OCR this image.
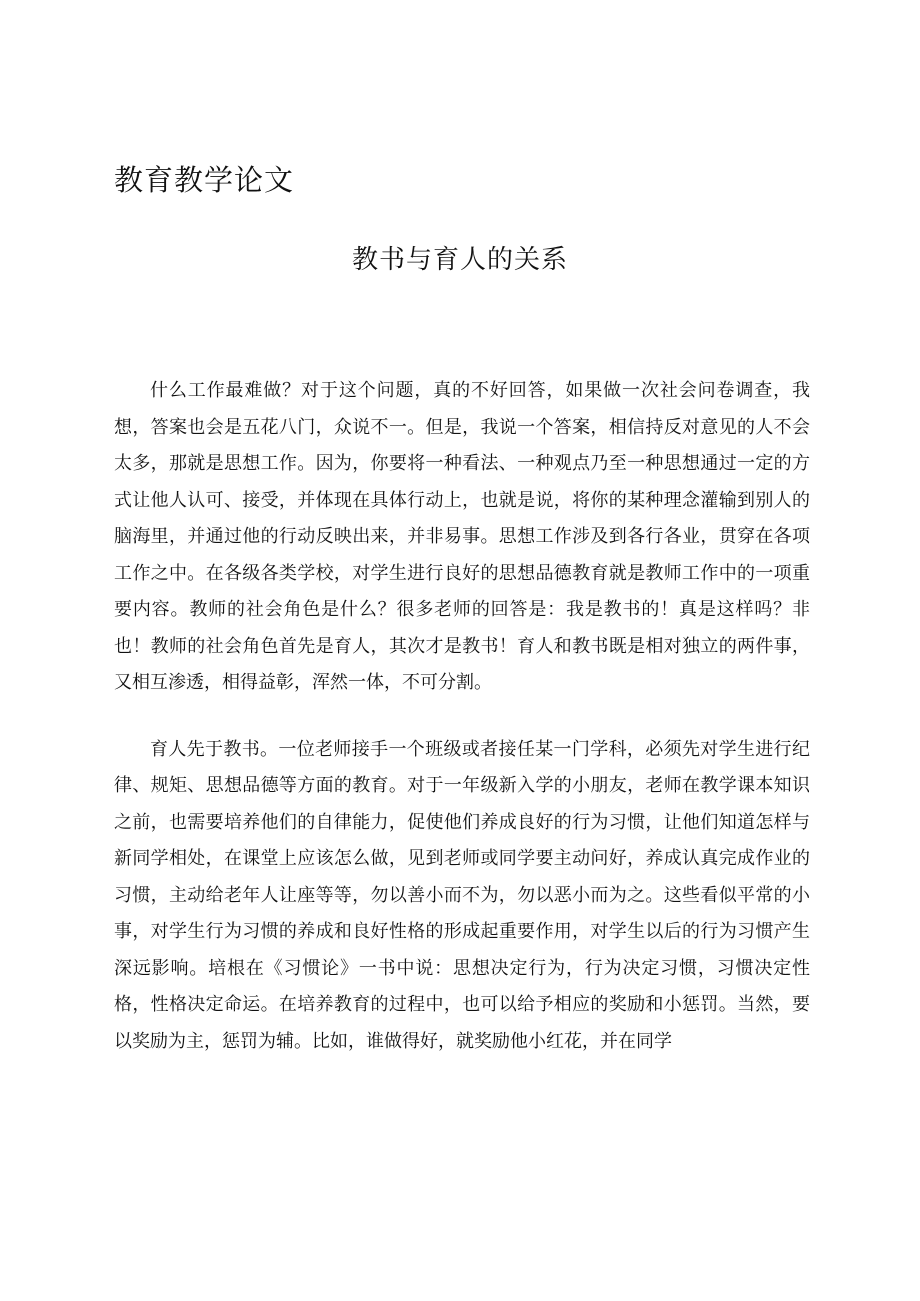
教育教学论文
教书与育人的关系

什么工作最难做？对于这个问题，真的不好回答，如果做一次社会问卷调查，我想，答案也会是五花八门，众说不一。但是，我说一个答案，相信持反对意见的人不会太多，那就是思想工作。因为，你要将一种看法、一种观点乃至一种思想通过一定的方式让他人认可、接受，并体现在具体行动上，也就是说，将你的某种理念灌输到别人的脑海里，并通过他的行动反映出来，并非易事。思想工作涉及到各行各业，贯穿在各项工作之中。在各级各类学校，对学生进行良好的思想品德教育就是教师工作中的一项重要内容。教师的社会角色是什么？很多老师的回答是：我是教书的！真是这样吗？非也！教师的社会角色首先是育人，其次才是教书！育人和教书既是相对独立的两件事，又相互渗透，相得益彰，浑然一体，不可分割。

育人先于教书。一位老师接手一个班级或者接任某一门学科，必须先对学生进行纪律、规矩、思想品德等方面的教育。对于一年级新入学的小朋友，老师在教学课本知识之前，也需要培养他们的自律能力，促使他们养成良好的行为习惯，让他们知道怎样与新同学相处，在课堂上应该怎么做，见到老师或同学要主动问好，养成认真完成作业的习惯，主动给老年人让座等等，勿以善小而不为，勿以恶小而为之。这些看似平常的小事，对学生行为习惯的养成和良好性格的形成起重要作用，对学生以后的行为习惯产生深远影响。培根在《习惯论》一书中说：思想决定行为，行为决定习惯，习惯决定性格，性格决定命运。在培养教育的过程中，也可以给予相应的奖励和小惩罚。当然，要以奖励为主，惩罚为辅。比如，谁做得好，就奖励他小红花，并在同学
